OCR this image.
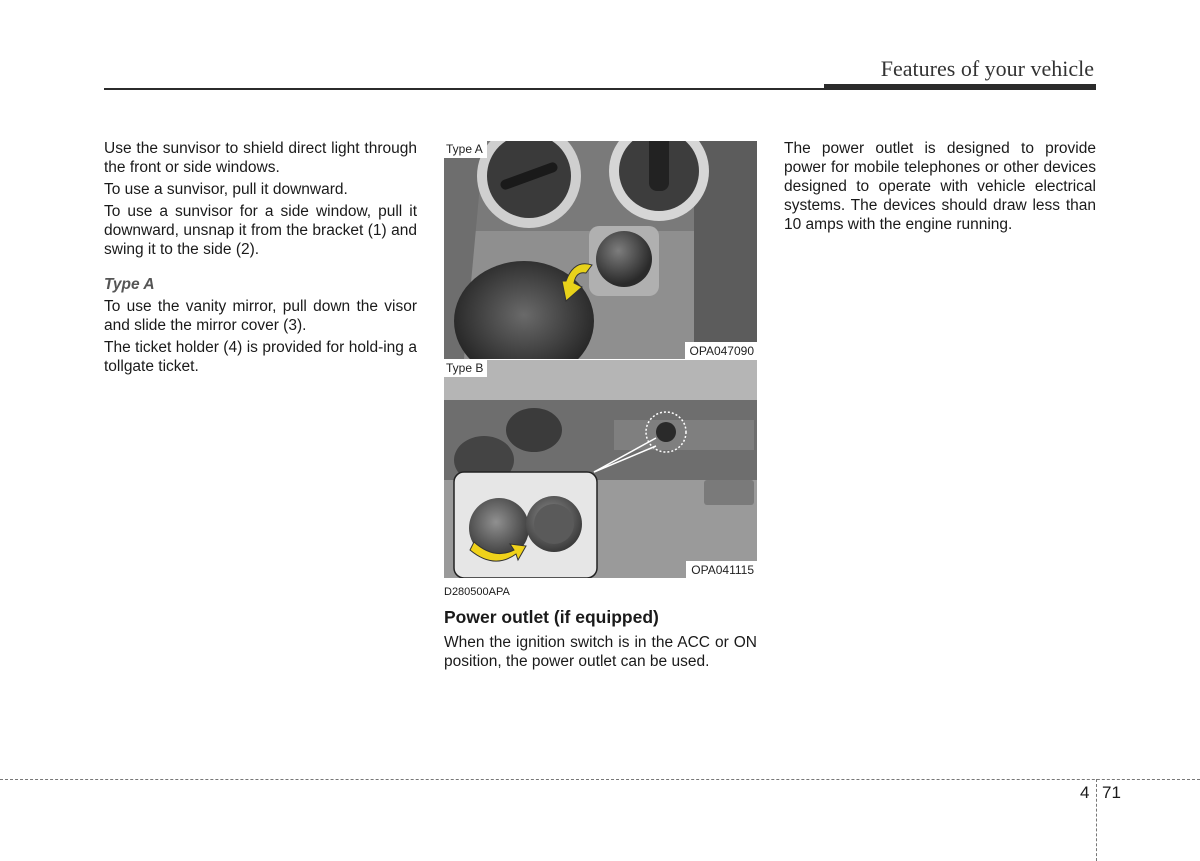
Features of your vehicle

Use the sunvisor to shield direct light through the front or side windows.

To use a sunvisor, pull it downward.

To use a sunvisor for a side window, pull it downward, unsnap it from the bracket (1) and swing it to the side (2).

Type A

To use the vanity mirror, pull down the visor and slide the mirror cover (3).

The ticket holder (4) is provided for hold-ing a tollgate ticket.

Type A
OPA047090
Type B
OPA041115

D280500APA

Power outlet (if equipped)

When the ignition switch is in the ACC or ON position, the power outlet can be used.

The power outlet is designed to provide power for mobile telephones or other devices designed to operate with vehicle electrical systems. The devices should draw less than 10 amps with the engine running.

4 71
